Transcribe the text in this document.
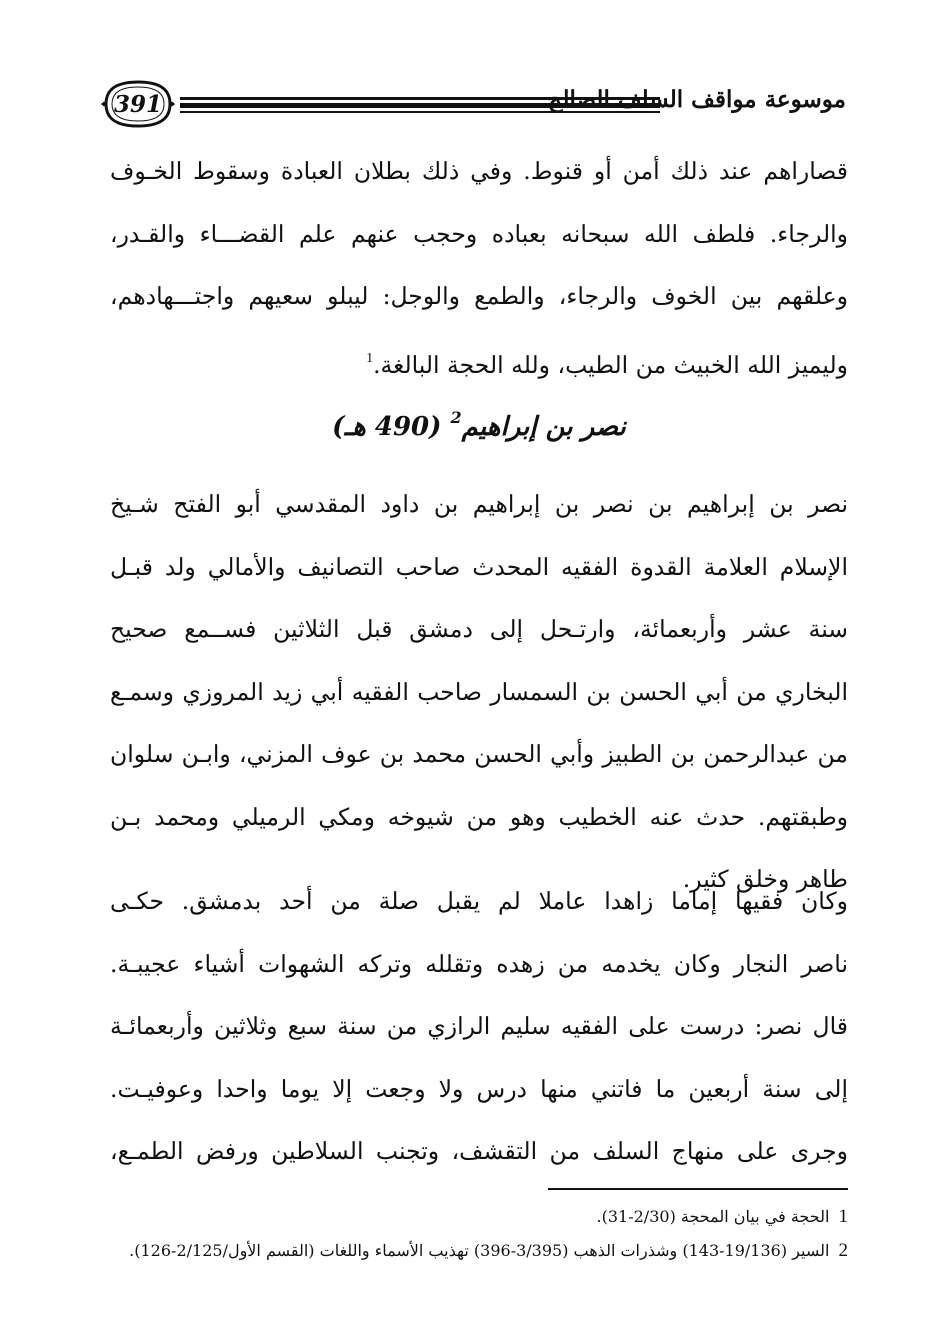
391	موسوعة مواقف السلف الصالح

قصاراهم عند ذلك أمن أو قنوط. وفي ذلك بطلان العبادة وسقوط الخـوف

والرجاء. فلطف الله سبحانه بعباده وحجب عنهم علم القضـــاء والقـدر،

وعلقهم بين الخوف والرجاء، والطمع والوجل: ليبلو سعيهم واجتـــهادهم،

وليميز الله الخبيث من الطيب، ولله الحجة البالغة.$^1$

نصر بن إبراهيم$^2$ (490 هـ)

نصر بن إبراهيم بن نصر بن إبراهيم بن داود المقدسي أبو الفتح شـيخ

الإسلام العلامة القدوة الفقيه المحدث صاحب التصانيف والأمالي ولد قبـل

سنة عشر وأربعمائة، وارتـحل إلى دمشق قبل الثلاثين فســمع صحيح

البخاري من أبي الحسن بن السمسار صاحب الفقيه أبي زيد المروزي وسمـع

من عبدالرحمن بن الطبيز وأبي الحسن محمد بن عوف المزني، وابـن سلوان

وطبقتهم. حدث عنه الخطيب وهو من شيوخه ومكي الرميلي ومحمد بـن

طاهر وخلق كثير.

وكان فقيها إماما زاهدا عاملا لم يقبل صلة من أحد بدمشق. حكـى

ناصر النجار وكان يخدمه من زهده وتقلله وتركه الشهوات أشياء عجيبـة.

قال نصر: درست على الفقيه سليم الرازي من سنة سبع وثلاثين وأربعمائـة

إلى سنة أربعين ما فاتني منها درس ولا وجعت إلا يوما واحدا وعوفيـت.

وجرى على منهاج السلف من التقشف، وتجنب السلاطين ورفض الطمـع،

1 الحجة في بيان المحجة (2/30-31).
2 السير (19/136-143) وشذرات الذهب (3/395-396) تهذيب الأسماء واللغات (القسم الأول/2/125-126).
